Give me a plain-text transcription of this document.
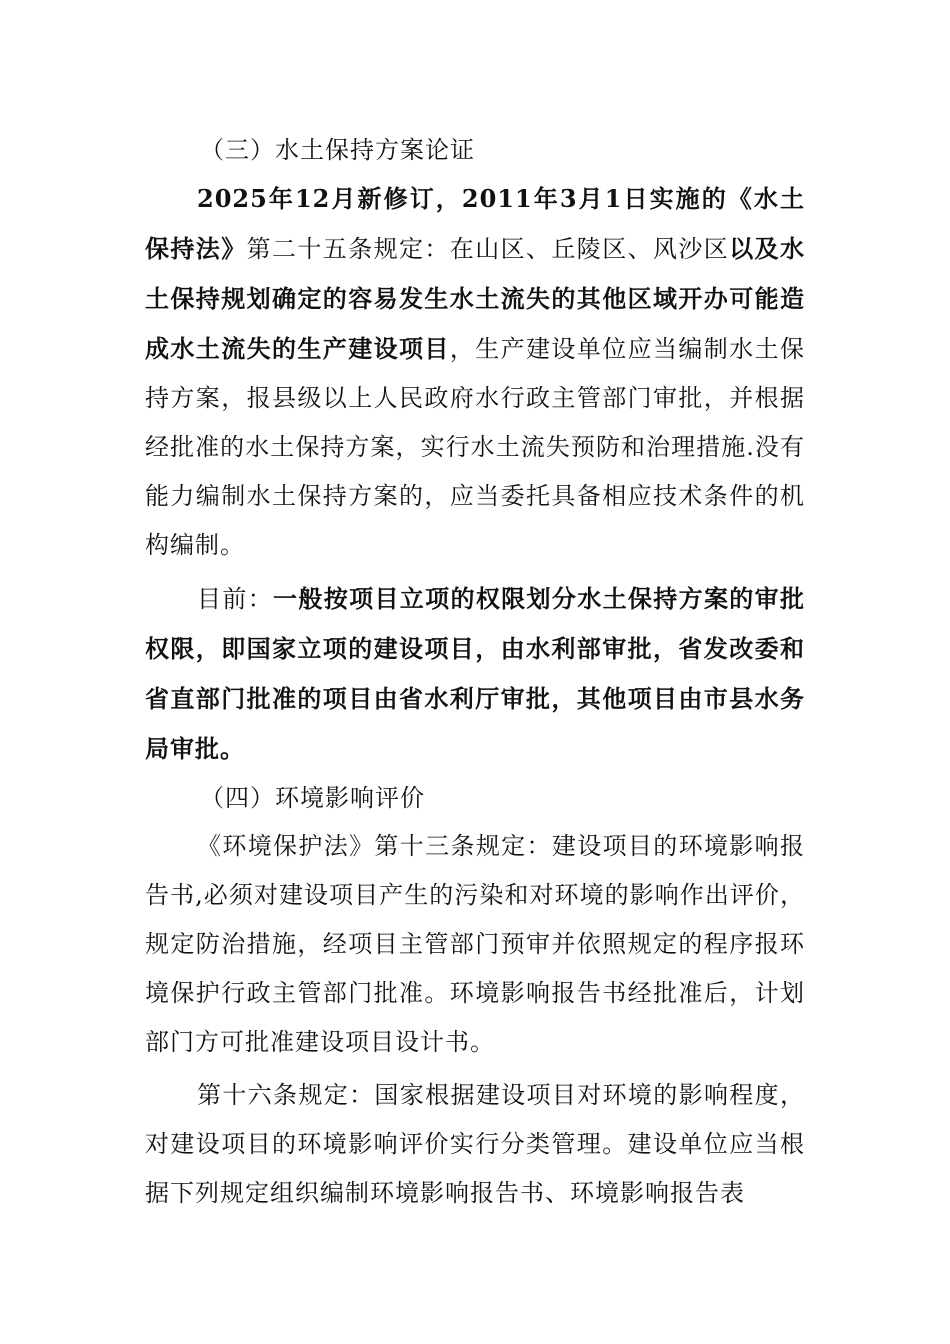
（三）水土保持方案论证

2025年12月新修订，2011年3月1日实施的《水土保持法》第二十五条规定：在山区、丘陵区、风沙区以及水土保持规划确定的容易发生水土流失的其他区域开办可能造成水土流失的生产建设项目，生产建设单位应当编制水土保持方案，报县级以上人民政府水行政主管部门审批，并根据经批准的水土保持方案，实行水土流失预防和治理措施.没有能力编制水土保持方案的，应当委托具备相应技术条件的机构编制。

目前：一般按项目立项的权限划分水土保持方案的审批权限，即国家立项的建设项目，由水利部审批，省发改委和省直部门批准的项目由省水利厅审批，其他项目由市县水务局审批。

（四）环境影响评价

《环境保护法》第十三条规定：建设项目的环境影响报告书,必须对建设项目产生的污染和对环境的影响作出评价，规定防治措施，经项目主管部门预审并依照规定的程序报环境保护行政主管部门批准。环境影响报告书经批准后，计划部门方可批准建设项目设计书。

第十六条规定：国家根据建设项目对环境的影响程度，对建设项目的环境影响评价实行分类管理。建设单位应当根据下列规定组织编制环境影响报告书、环境影响报告表
